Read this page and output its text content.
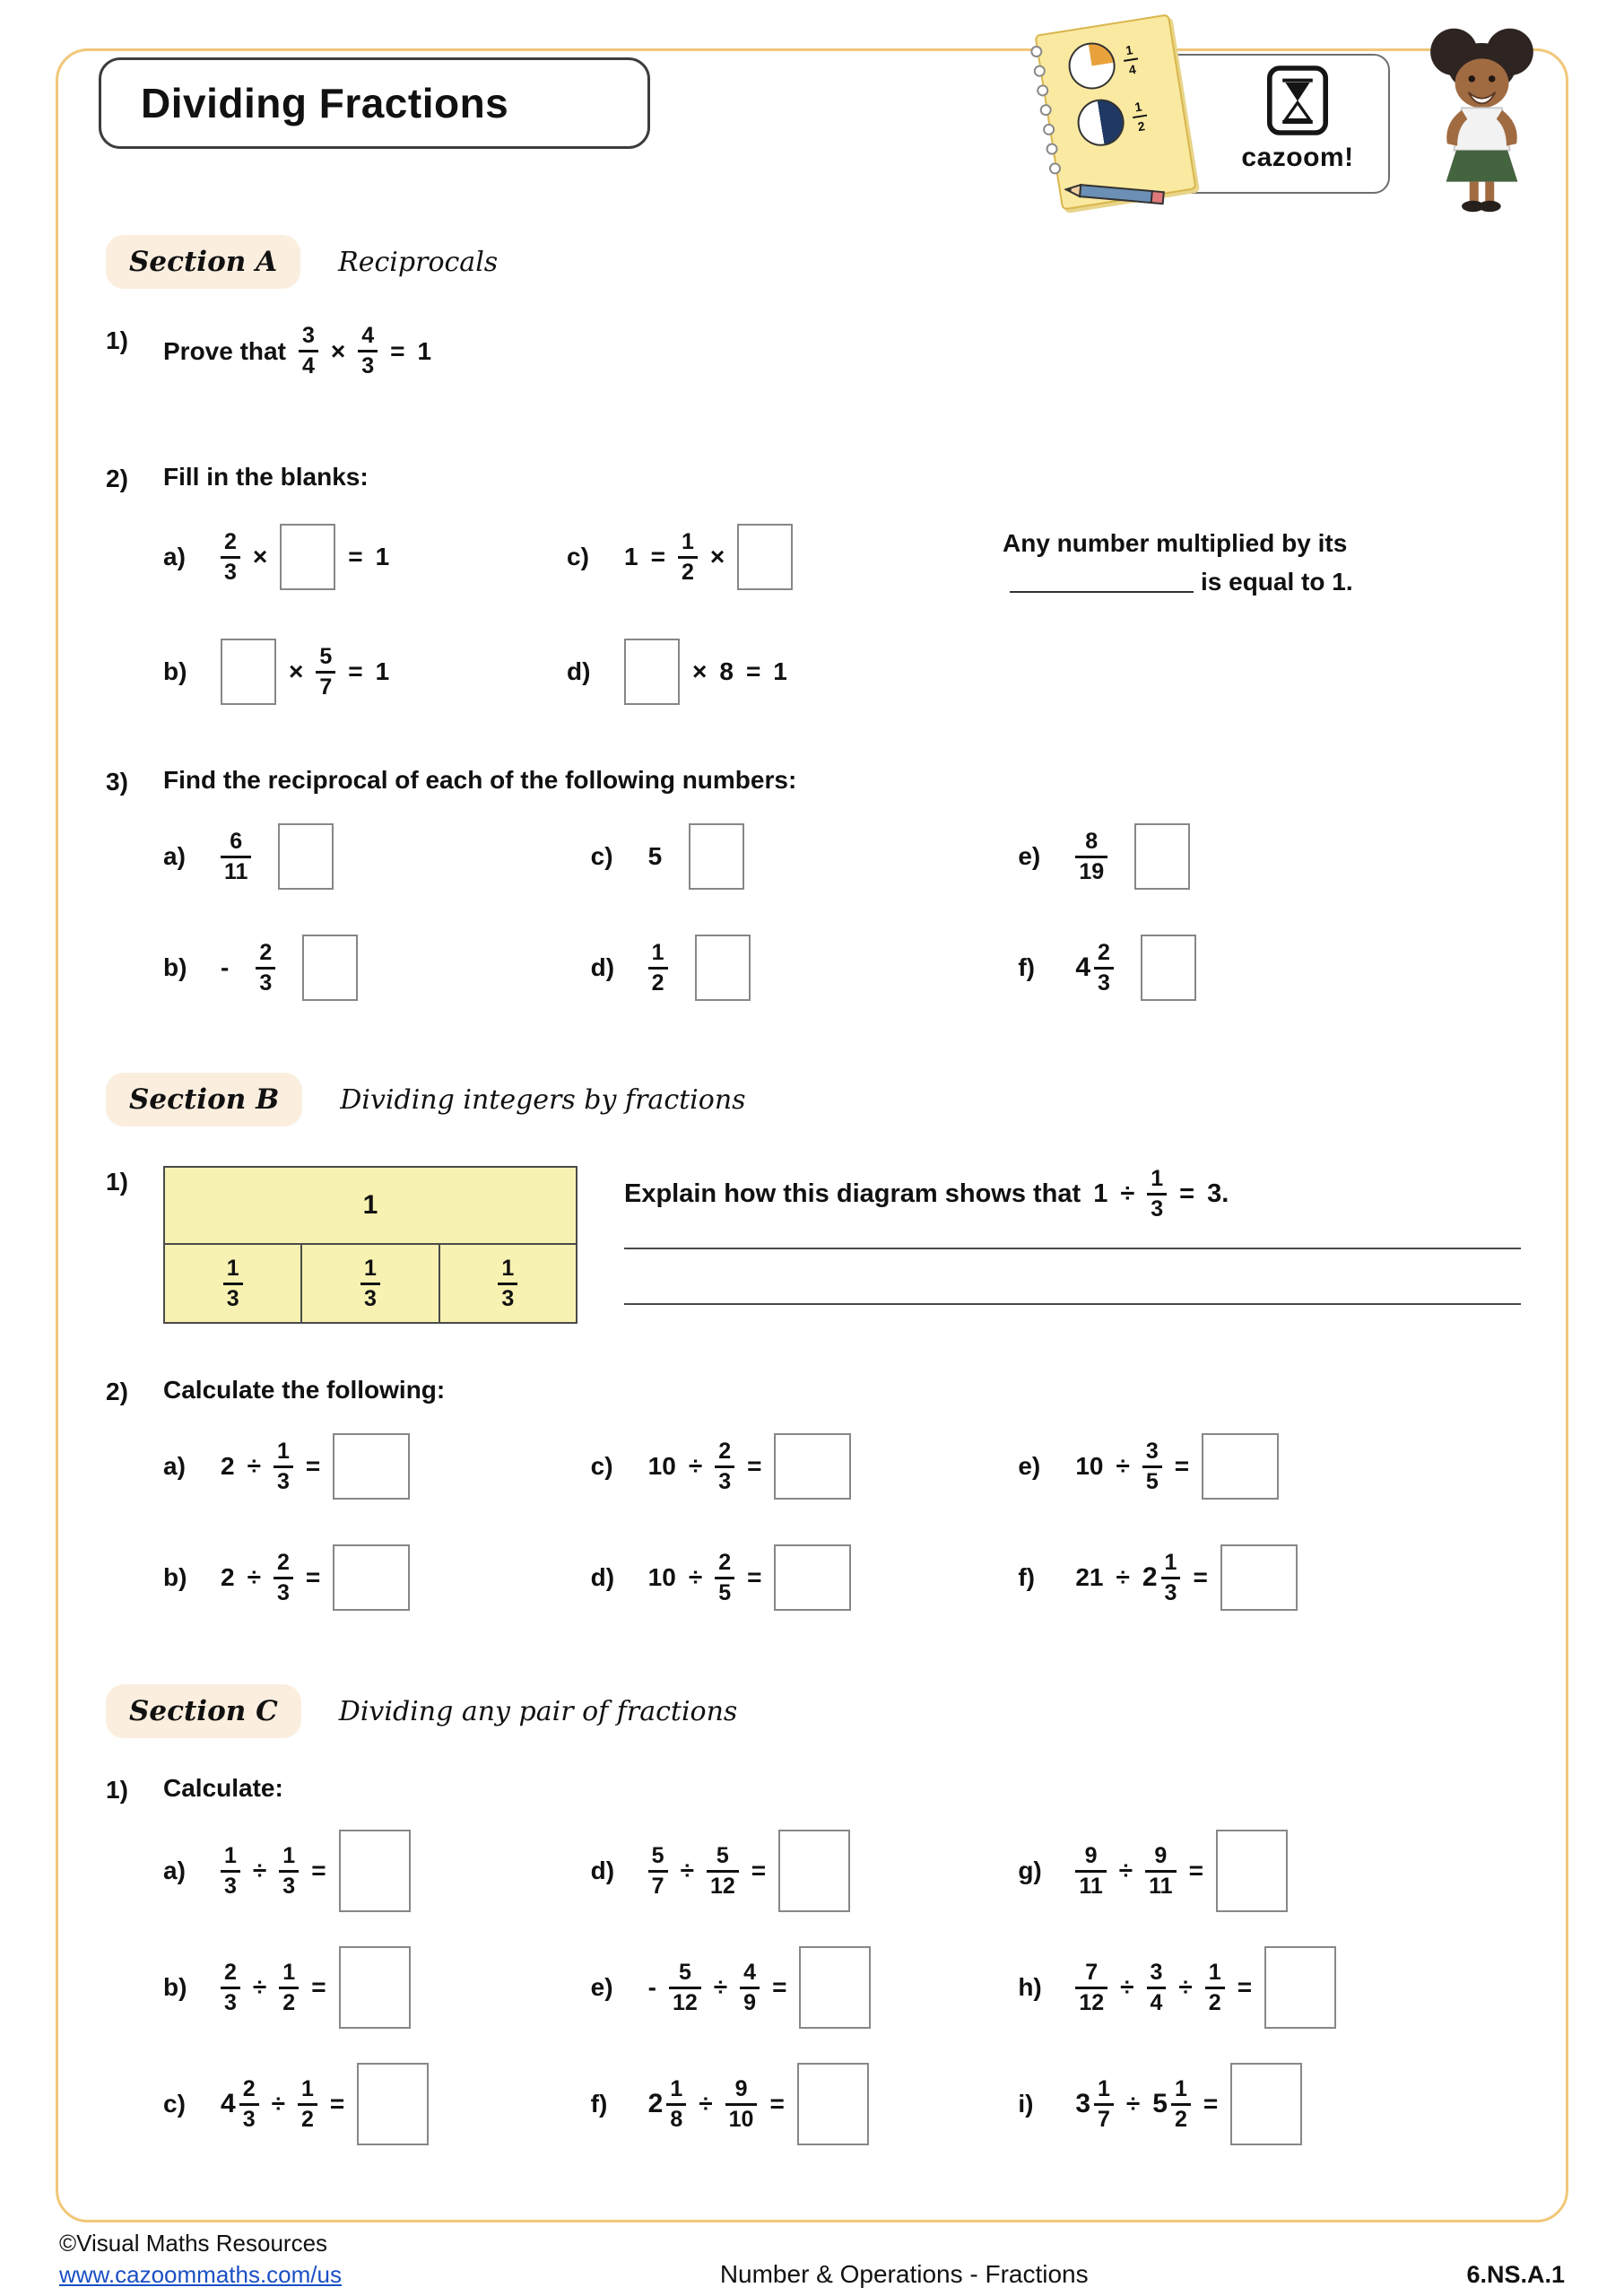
Dividing Fractions
1
4
1
2
cazoom!
Section A	Reciprocals
1)	Prove that $\frac{3}{4} \times \frac{4}{3} = 1$
2)	Fill in the blanks:
a)	$\frac{2}{3}$ ×	= 1	c)	$1 = \frac{1}{2}$ ×
b)	× $\frac{5}{7} = 1$	d)	× 8 = 1
Any number multiplied by itsis equal to 1.
3)	Find the reciprocal of each of the following numbers:
a)	$\frac{6}{11}$	c)	5	e)	$\frac{8}{19}$
b)	- $\frac{2}{3}$	d)	$\frac{1}{2}$	f)	$4 \frac{2}{3}$
Section B	Dividing integers by fractions
1)
1
$\frac{1}{3}$	$\frac{1}{3}$	$\frac{1}{3}$
Explain how this diagram shows that $1 \div \frac{1}{3} = 3$.
2)	Calculate the following:
a)	$2 \div \frac{1}{3}$ =	c)	$10 \div \frac{2}{3}$ =	e)	$10 \div \frac{3}{5}$ =
b)	$2 \div \frac{2}{3}$ =	d)	$10 \div \frac{2}{5}$ =	f)	$21 \div 2 \frac{1}{3}$ =
Section C	Dividing any pair of fractions
1)	Calculate:
a)	$\frac{1}{3} \div \frac{1}{3}$ =	d)	$\frac{5}{7} \div \frac{5}{12}$ =	g)	$\frac{9}{11} \div \frac{9}{11}$ =
b)	$\frac{2}{3} \div \frac{1}{2}$ =	e)	- $\frac{5}{12} \div \frac{4}{9}$ =	h)	$\frac{7}{12} \div \frac{3}{4} \div \frac{1}{2}$ =
c)	$4 \frac{2}{3} \div \frac{1}{2}$ =	f)	$2 \frac{1}{8} \div \frac{9}{10}$ =	i)	$3 \frac{1}{7} \div 5 \frac{1}{2}$ =
©Visual Maths Resources
www.cazoommaths.com/us	Number & Operations - Fractions	6.NS.A.1
